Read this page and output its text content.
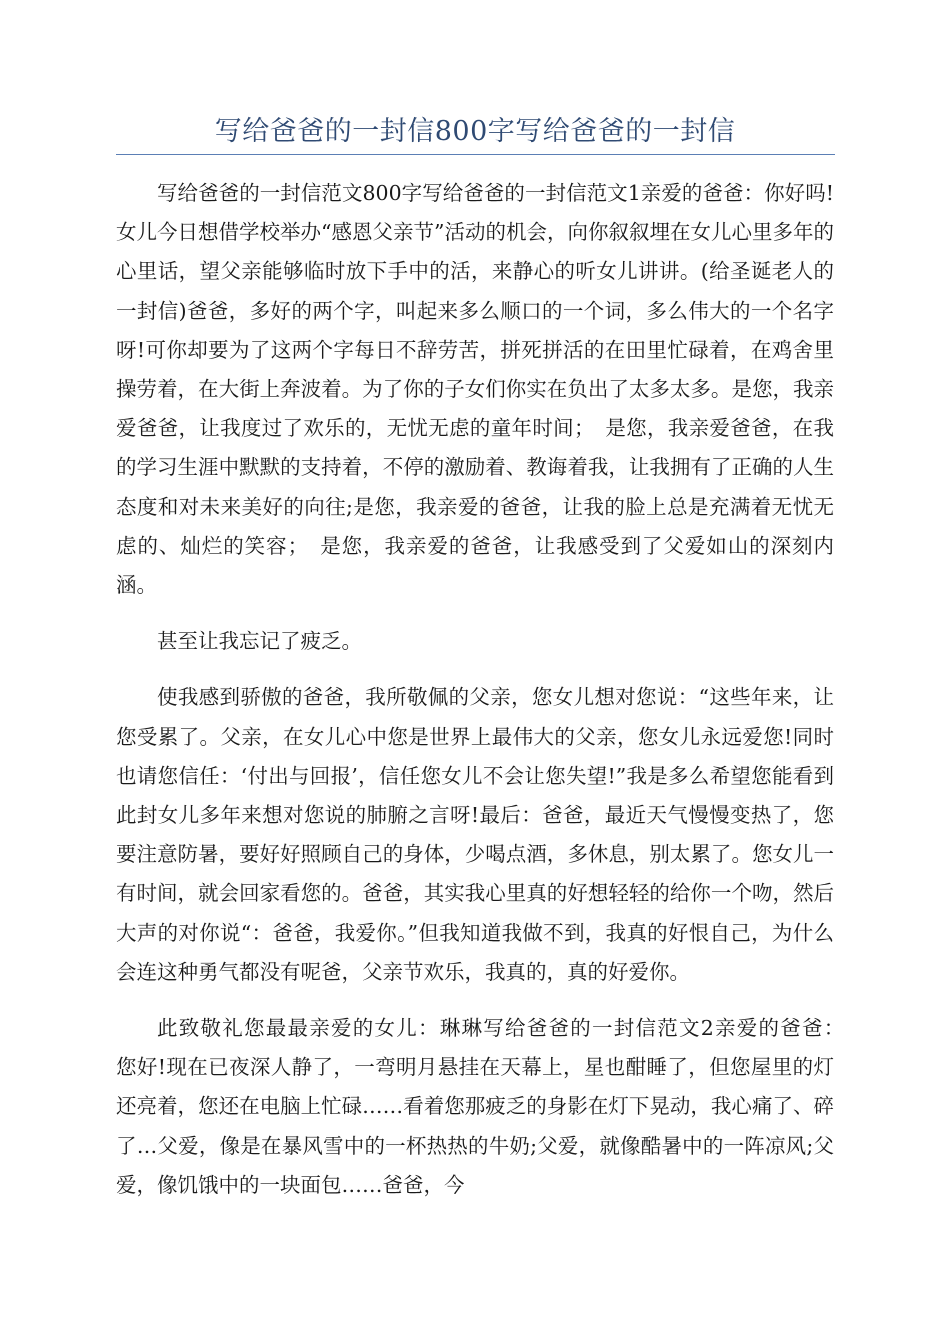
写给爸爸的一封信800字写给爸爸的一封信

写给爸爸的一封信范文800字写给爸爸的一封信范文1亲爱的爸爸：你好吗!女儿今日想借学校举办“感恩父亲节”活动的机会，向你叙叙埋在女儿心里多年的心里话，望父亲能够临时放下手中的活，来静心的听女儿讲讲。(给圣诞老人的一封信)爸爸，多好的两个字，叫起来多么顺口的一个词，多么伟大的一个名字呀!可你却要为了这两个字每日不辞劳苦，拼死拼活的在田里忙碌着，在鸡舍里操劳着，在大街上奔波着。为了你的子女们你实在负出了太多太多。是您，我亲爱爸爸，让我度过了欢乐的，无忧无虑的童年时间；　是您，我亲爱爸爸，在我的学习生涯中默默的支持着，不停的激励着、教诲着我，让我拥有了正确的人生态度和对未来美好的向往;是您，我亲爱的爸爸，让我的脸上总是充满着无忧无虑的、灿烂的笑容；　是您，我亲爱的爸爸，让我感受到了父爱如山的深刻内涵。

甚至让我忘记了疲乏。

使我感到骄傲的爸爸，我所敬佩的父亲，您女儿想对您说：“这些年来，让您受累了。父亲，在女儿心中您是世界上最伟大的父亲，您女儿永远爱您!同时也请您信任：‘付出与回报’，信任您女儿不会让您失望!”我是多么希望您能看到此封女儿多年来想对您说的肺腑之言呀!最后：爸爸，最近天气慢慢变热了，您要注意防暑，要好好照顾自己的身体，少喝点酒，多休息，别太累了。您女儿一有时间，就会回家看您的。爸爸，其实我心里真的好想轻轻的给你一个吻，然后大声的对你说“：爸爸，我爱你。”但我知道我做不到，我真的好恨自己，为什么会连这种勇气都没有呢爸，父亲节欢乐，我真的，真的好爱你。

此致敬礼您最最亲爱的女儿：琳琳写给爸爸的一封信范文2亲爱的爸爸：　您好!现在已夜深人静了，一弯明月悬挂在天幕上，星也酣睡了，但您屋里的灯还亮着，您还在电脑上忙碌……看着您那疲乏的身影在灯下晃动，我心痛了、碎了…父爱，像是在暴风雪中的一杯热热的牛奶;父爱，就像酷暑中的一阵凉风;父爱，像饥饿中的一块面包……爸爸，今
